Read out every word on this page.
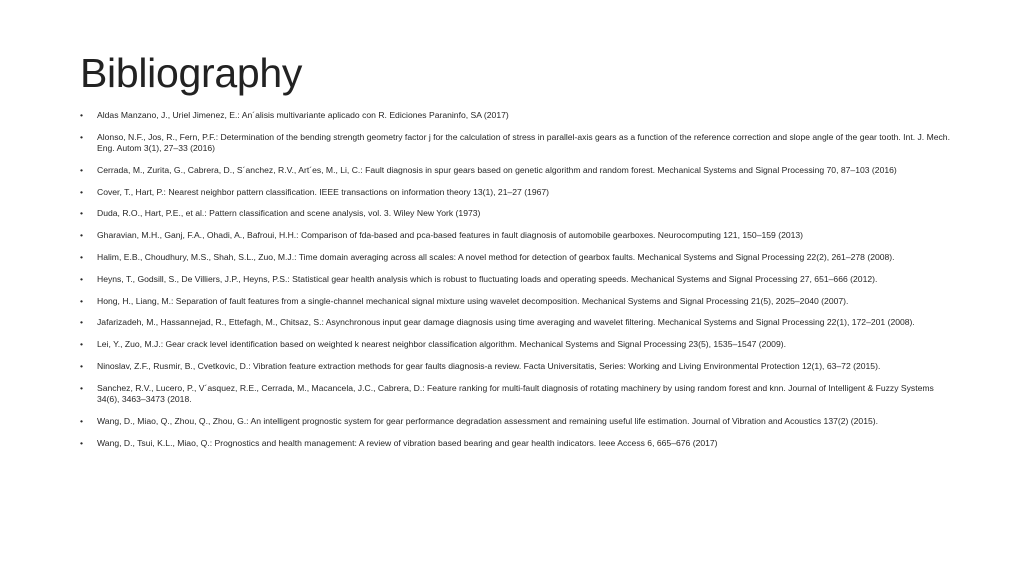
Bibliography
• Aldas Manzano, J., Uriel Jimenez, E.: An´alisis multivariante aplicado con R. Ediciones Paraninfo, SA (2017)
• Alonso, N.F., Jos, R., Fern, P.F.: Determination of the bending strength geometry factor j for the calculation of stress in parallel-axis gears as a function of the reference correction and slope angle of the gear tooth. Int. J. Mech. Eng. Autom 3(1), 27–33 (2016)
• Cerrada, M., Zurita, G., Cabrera, D., S´anchez, R.V., Art´es, M., Li, C.: Fault diagnosis in spur gears based on genetic algorithm and random forest. Mechanical Systems and Signal Processing 70, 87–103 (2016)
• Cover, T., Hart, P.: Nearest neighbor pattern classification. IEEE transactions on information theory 13(1), 21–27 (1967)
• Duda, R.O., Hart, P.E., et al.: Pattern classification and scene analysis, vol. 3. Wiley New York (1973)
• Gharavian, M.H., Ganj, F.A., Ohadi, A., Bafroui, H.H.: Comparison of fda-based and pca-based features in fault diagnosis of automobile gearboxes. Neurocomputing 121, 150–159 (2013)
• Halim, E.B., Choudhury, M.S., Shah, S.L., Zuo, M.J.: Time domain averaging across all scales: A novel method for detection of gearbox faults. Mechanical Systems and Signal Processing 22(2), 261–278 (2008).
• Heyns, T., Godsill, S., De Villiers, J.P., Heyns, P.S.: Statistical gear health analysis which is robust to fluctuating loads and operating speeds. Mechanical Systems and Signal Processing 27, 651–666 (2012).
• Hong, H., Liang, M.: Separation of fault features from a single-channel mechanical signal mixture using wavelet decomposition. Mechanical Systems and Signal Processing 21(5), 2025–2040 (2007).
• Jafarizadeh, M., Hassannejad, R., Ettefagh, M., Chitsaz, S.: Asynchronous input gear damage diagnosis using time averaging and wavelet filtering. Mechanical Systems and Signal Processing 22(1), 172–201 (2008).
• Lei, Y., Zuo, M.J.: Gear crack level identification based on weighted k nearest neighbor classification algorithm. Mechanical Systems and Signal Processing 23(5), 1535–1547 (2009).
• Ninoslav, Z.F., Rusmir, B., Cvetkovic, D.: Vibration feature extraction methods for gear faults diagnosis-a review. Facta Universitatis, Series: Working and Living Environmental Protection 12(1), 63–72 (2015).
• Sanchez, R.V., Lucero, P., V´asquez, R.E., Cerrada, M., Macancela, J.C., Cabrera, D.: Feature ranking for multi-fault diagnosis of rotating machinery by using random forest and knn. Journal of Intelligent & Fuzzy Systems 34(6), 3463–3473 (2018.
• Wang, D., Miao, Q., Zhou, Q., Zhou, G.: An intelligent prognostic system for gear performance degradation assessment and remaining useful life estimation. Journal of Vibration and Acoustics 137(2) (2015).
• Wang, D., Tsui, K.L., Miao, Q.: Prognostics and health management: A review of vibration based bearing and gear health indicators. Ieee Access 6, 665–676 (2017)
